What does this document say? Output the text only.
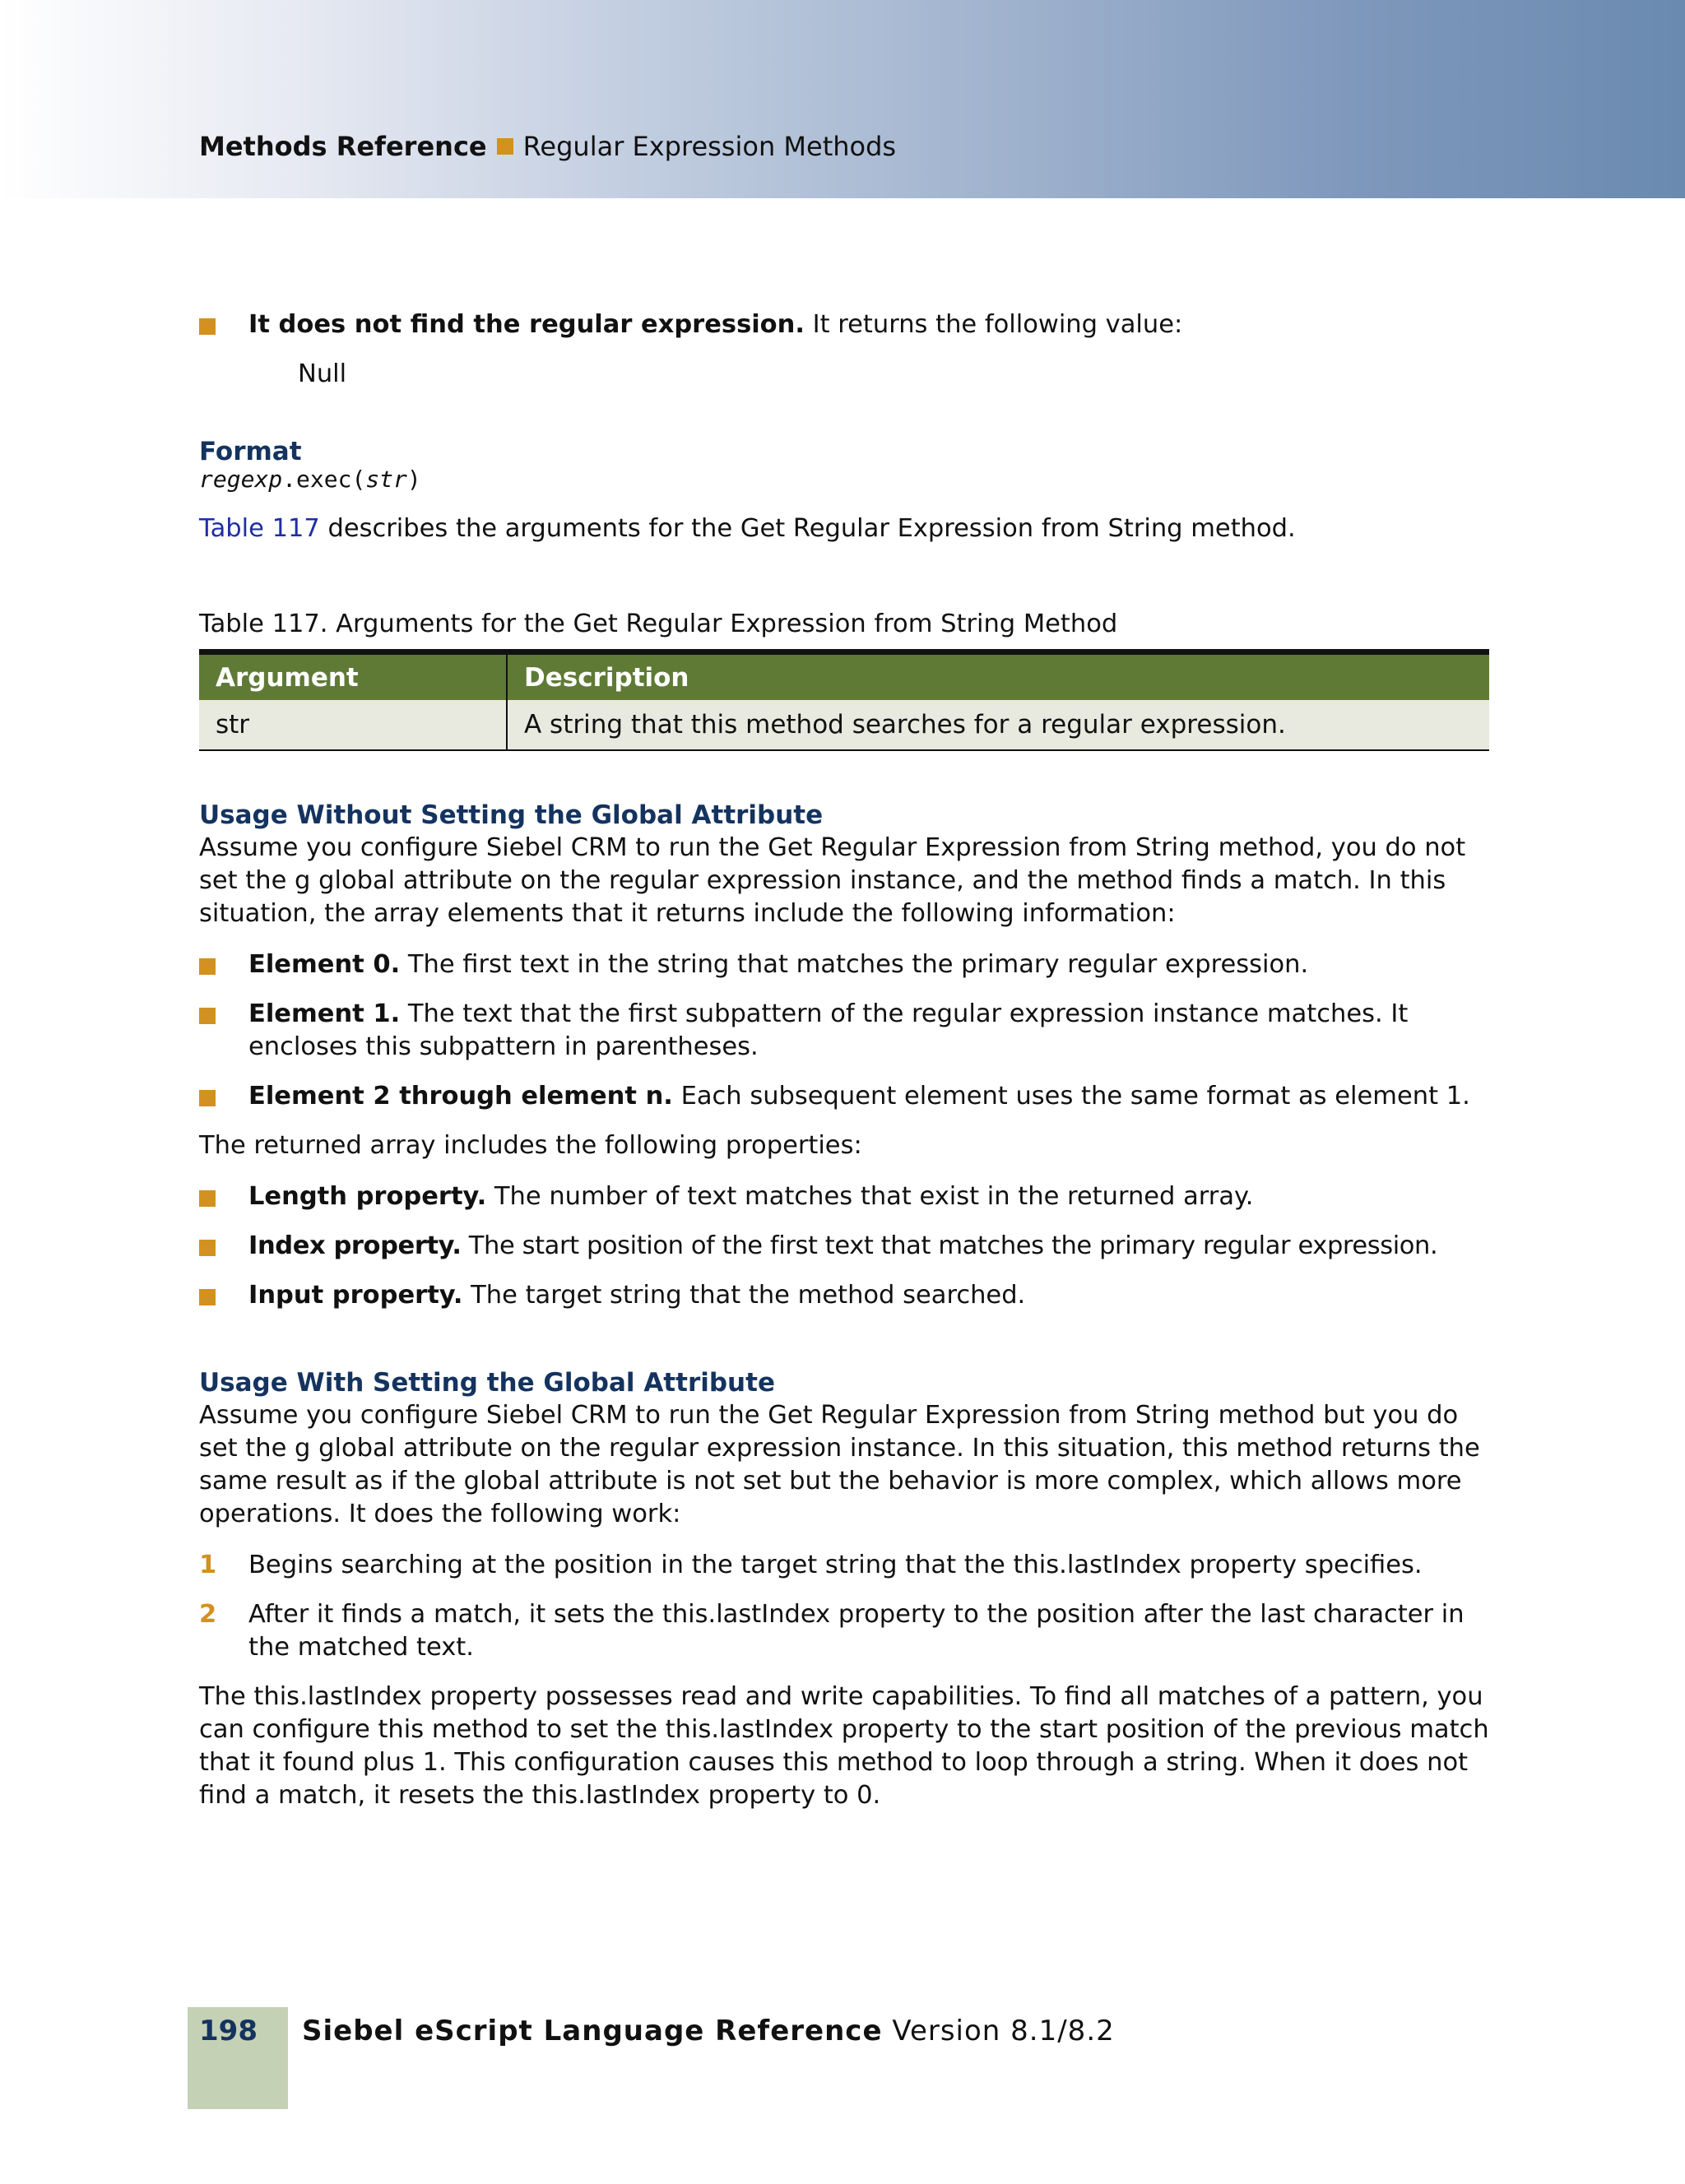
Methods Reference Regular Expression Methods
It does not find the regular expression. It returns the following value:
Null
Format
regexp.exec(str)

Table 117 describes the arguments for the Get Regular Expression from String method.

Table 117. Arguments for the Get Regular Expression from String Method

Argument	Description
str	A string that this method searches for a regular expression.
Usage Without Setting the Global Attribute

Assume you configure Siebel CRM to run the Get Regular Expression from String method, you do not set the g global attribute on the regular expression instance, and the method finds a match. In this situation, the array elements that it returns include the following information:

Element 0. The first text in the string that matches the primary regular expression.
Element 1. The text that the first subpattern of the regular expression instance matches. It encloses this subpattern in parentheses.
Element 2 through element n. Each subsequent element uses the same format as element 1.

The returned array includes the following properties:

Length property. The number of text matches that exist in the returned array.
Index property. The start position of the first text that matches the primary regular expression.
Input property. The target string that the method searched.
Usage With Setting the Global Attribute

Assume you configure Siebel CRM to run the Get Regular Expression from String method but you do set the g global attribute on the regular expression instance. In this situation, this method returns the same result as if the global attribute is not set but the behavior is more complex, which allows more operations. It does the following work:

1 Begins searching at the position in the target string that the this.lastIndex property specifies.
2 After it finds a match, it sets the this.lastIndex property to the position after the last character in the matched text.

The this.lastIndex property possesses read and write capabilities. To find all matches of a pattern, you can configure this method to set the this.lastIndex property to the start position of the previous match that it found plus 1. This configuration causes this method to loop through a string. When it does not find a match, it resets the this.lastIndex property to 0.

198 Siebel eScript Language Reference Version 8.1/8.2
